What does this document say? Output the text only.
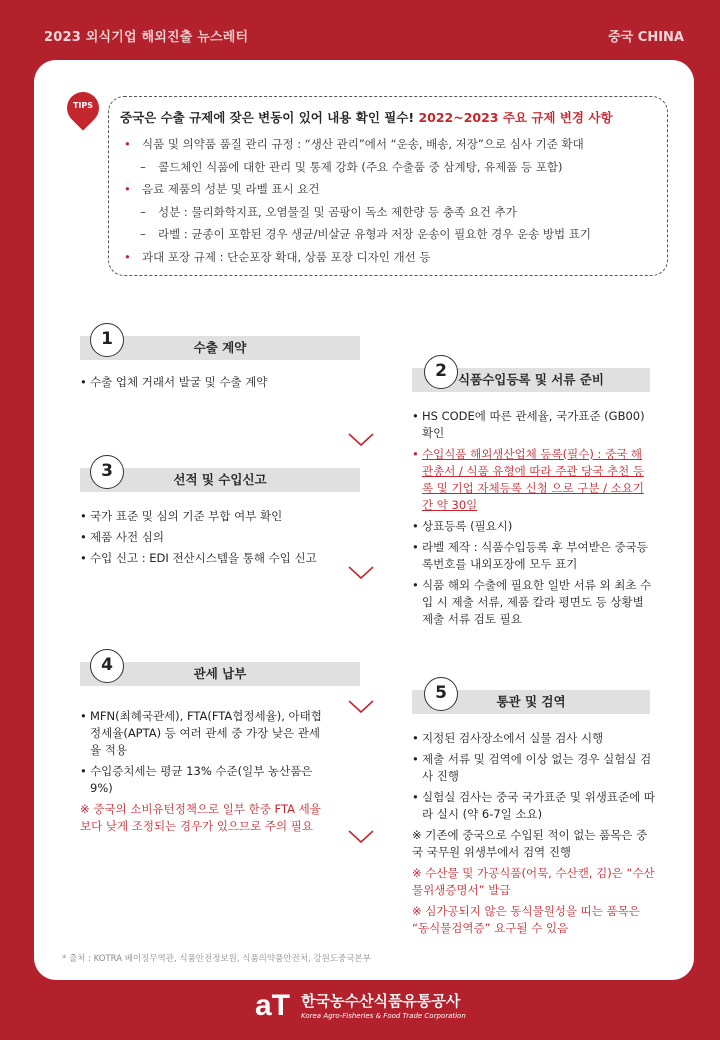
2023 외식기업 해외진출 뉴스레터	중국 CHINA
TIPS
중국은 수출 규제에 잦은 변동이 있어 내용 확인 필수! 2022~2023 주요 규제 변경 사항
• 식품 및 의약품 품질 관리 규정 : “생산 관리”에서 “운송, 배송, 저장”으로 심사 기준 확대
– 콜드체인 식품에 대한 관리 및 통제 강화 (주요 수출품 중 삼계탕, 유제품 등 포함)
• 음료 제품의 성분 및 라벨 표시 요건
– 성분 : 물리화학지표, 오염물질 및 곰팡이 독소 제한량 등 충족 요건 추가
– 라벨 : 균종이 포함된 경우 생균/비살균 유형과 저장 운송이 필요한 경우 운송 방법 표기
• 과대 포장 규제 : 단순포장 확대, 상품 포장 디자인 개선 등
수출 계약
1
• 수출 업체 거래서 발굴 및 수출 계약	식품수입등록 및 서류 준비
2
• HS CODE에 따른 관세율, 국가표준 (GB00) 확인
• 수입식품 해외생산업체 등록(필수) : 중국 해관총서 / 식품 유형에 따라 주관 당국 추천 등록 및 기업 자체등록 신청 으로 구분 / 소요기간 약 30일
• 상표등록 (필요시)
• 라벨 제작 : 식품수입등록 후 부여받은 중국등록번호를 내외포장에 모두 표기
• 식품 해외 수출에 필요한 일반 서류 외 최초 수입 시 제출 서류, 제품 칼라 평면도 등 상황별 제출 서류 검토 필요
선적 및 수입신고
3
• 국가 표준 및 심의 기준 부합 여부 확인
• 제품 사전 심의
• 수입 신고 : EDI 전산시스템을 통해 수입 신고
관세 납부
4
• MFN(최혜국관세), FTA(FTA협정세율), 아태협정세율(APTA) 등 여러 관세 중 가장 낮은 관세율 적용
• 수입증치세는 평균 13% 수준(일부 농산품은 9%)
※ 중국의 소비유턴정책으로 일부 한중 FTA 세율보다 낮게 조정되는 경우가 있으므로 주의 필요
통관 및 검역
5
• 지정된 검사장소에서 실물 검사 시행
• 제출 서류 및 검역에 이상 없는 경우 실험실 검사 진행
• 실험실 검사는 중국 국가표준 및 위생표준에 따라 실시 (약 6-7일 소요)
※ 기존에 중국으로 수입된 적이 없는 품목은 중국 국무원 위생부에서 검역 진행
※ 수산물 및 가공식품(어묵, 수산캔, 김)은 “수산물위생증명서” 발급
※ 심가공되지 않은 동식물원성을 띠는 품목은 “동식물검역증” 요구될 수 있음
* 출처 : KOTRA 베이징무역관, 식품안전정보원, 식품의약품안전처, 강원도중국본부
aT 한국농수산식품유통공사
Korea Agro-Fisheries & Food Trade Corporation
